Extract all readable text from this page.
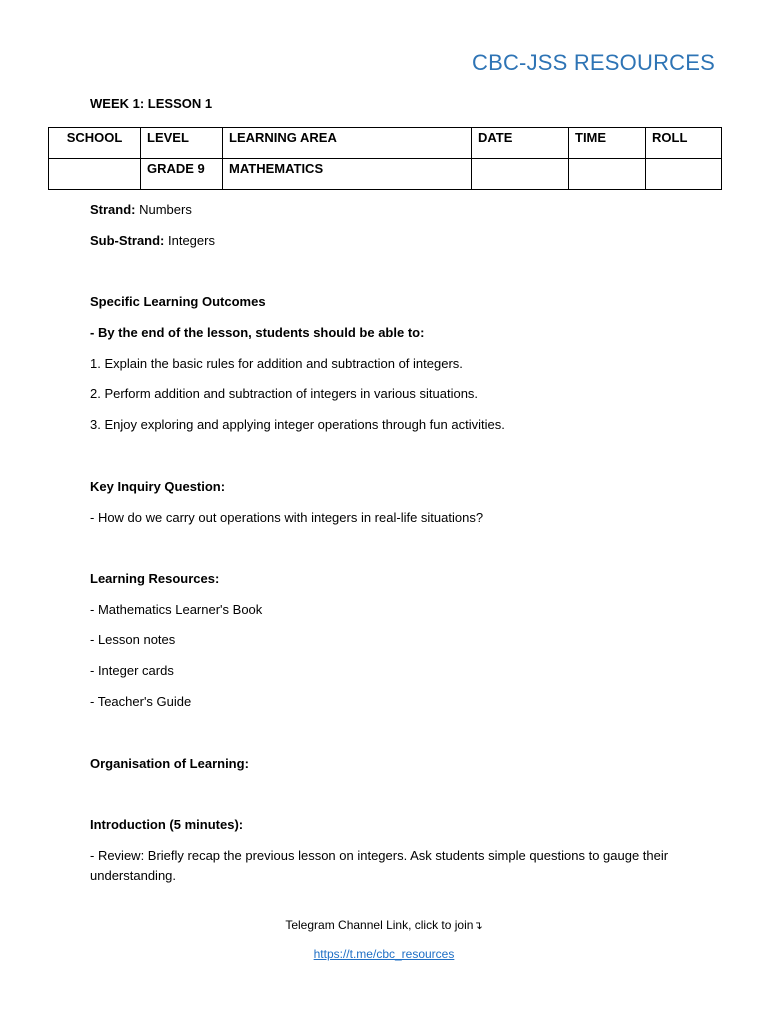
CBC-JSS RESOURCES
WEEK 1: LESSON 1
SCHOOL	LEVEL	LEARNING AREA	DATE	TIME	ROLL
	GRADE 9	MATHEMATICS			
Strand: Numbers
Sub-Strand: Integers
Specific Learning Outcomes
- By the end of the lesson, students should be able to:
1. Explain the basic rules for addition and subtraction of integers.
2. Perform addition and subtraction of integers in various situations.
3. Enjoy exploring and applying integer operations through fun activities.
Key Inquiry Question:
- How do we carry out operations with integers in real-life situations?
Learning Resources:
- Mathematics Learner's Book
- Lesson notes
- Integer cards
- Teacher's Guide
Organisation of Learning:
Introduction (5 minutes):
- Review: Briefly recap the previous lesson on integers. Ask students simple questions to gauge their understanding.
Telegram Channel Link, click to join↴
https://t.me/cbc_resources
